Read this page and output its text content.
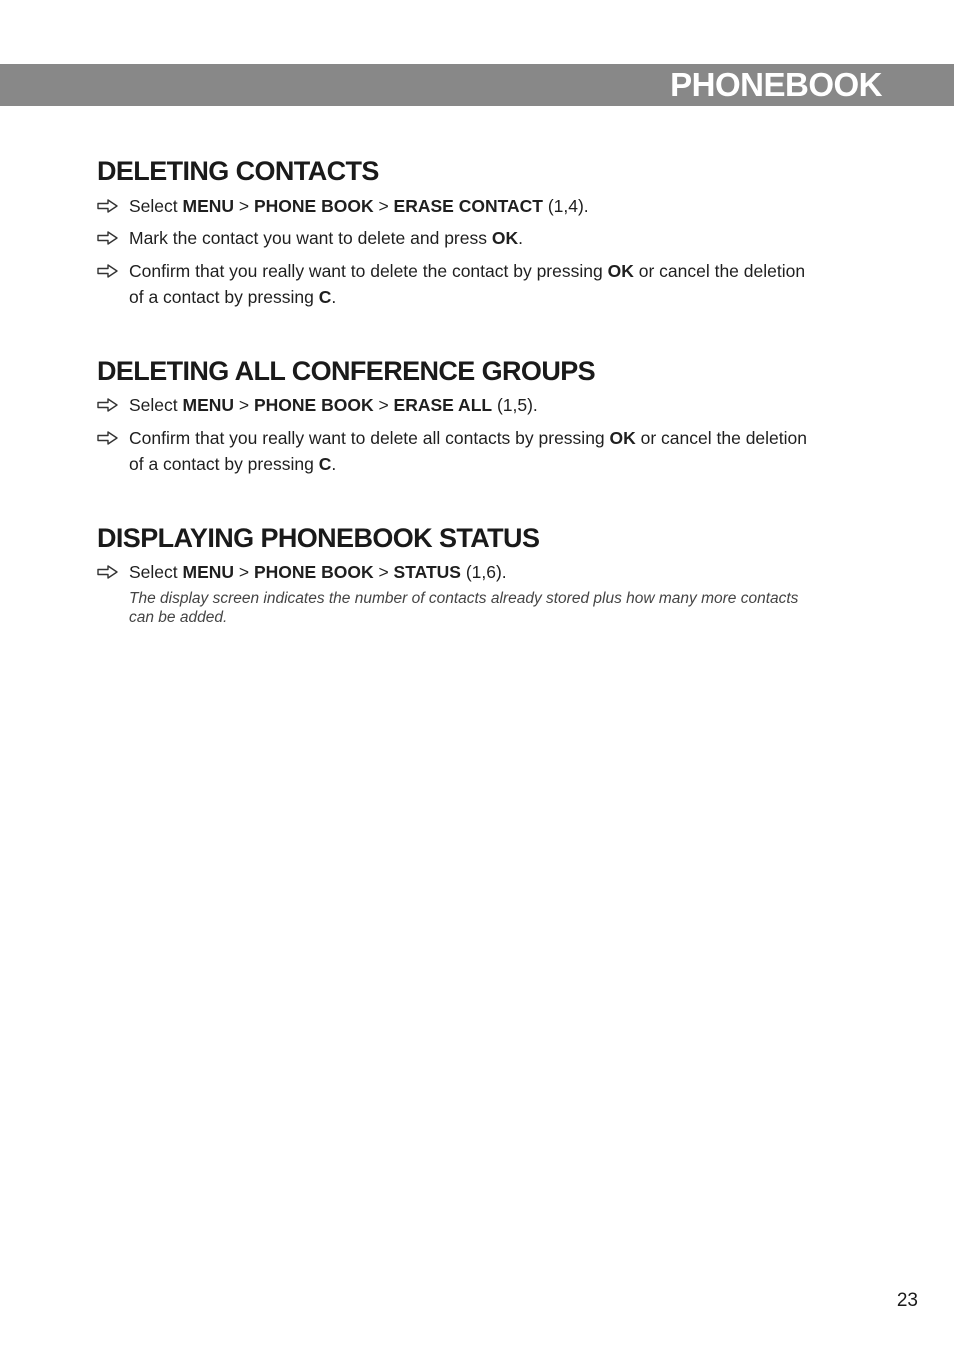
PHONEBOOK
DELETING CONTACTS
Select MENU > PHONE BOOK > ERASE CONTACT (1,4).
Mark the contact you want to delete and press OK.
Confirm that you really want to delete the contact by pressing OK or cancel the deletion of a contact by pressing C.
DELETING ALL CONFERENCE GROUPS
Select MENU > PHONE BOOK > ERASE ALL (1,5).
Confirm that you really want to delete all contacts by pressing OK or cancel the deletion of a contact by pressing C.
DISPLAYING PHONEBOOK STATUS
Select MENU > PHONE BOOK > STATUS (1,6).
The display screen indicates the number of contacts already stored plus how many more contacts can be added.
23
